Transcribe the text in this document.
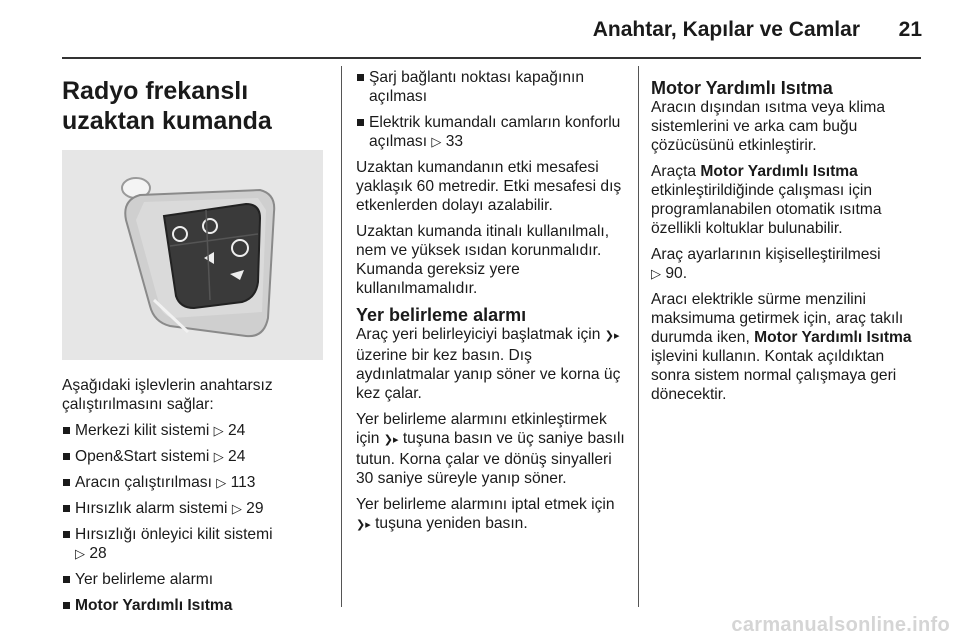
Anahtar, Kapılar ve Camlar	21
Radyo frekanslı uzaktan kumanda

Aşağıdaki işlevlerin anahtarsız çalıştırılmasını sağlar:

Merkezi kilit sistemi ▷ 24
Open&Start sistemi ▷ 24
Aracın çalıştırılması ▷ 113
Hırsızlık alarm sistemi ▷ 29
Hırsızlığı önleyici kilit sistemi
▷ 28
Yer belirleme alarmı
Motor Yardımlı Isıtma
Şarj bağlantı noktası kapağının açılması
Elektrik kumandalı camların konforlu açılması ▷ 33

Uzaktan kumandanın etki mesafesi yaklaşık 60 metredir. Etki mesafesi dış etkenlerden dolayı azalabilir.

Uzaktan kumanda itinalı kullanılmalı, nem ve yüksek ısıdan korunmalıdır. Kumanda gereksiz yere kullanılmamalıdır.

Yer belirleme alarmı

Araç yeri belirleyiciyi başlatmak için ❯▸ üzerine bir kez basın. Dış aydınlatmalar yanıp söner ve korna üç kez çalar.

Yer belirleme alarmını etkinleştirmek için ❯▸ tuşuna basın ve üç saniye basılı tutun. Korna çalar ve dönüş sinyalleri 30 saniye süreyle yanıp söner.

Yer belirleme alarmını iptal etmek için ❯▸ tuşuna yeniden basın.

Motor Yardımlı Isıtma

Aracın dışından ısıtma veya klima sistemlerini ve arka cam buğu çözücüsünü etkinleştirir.

Araçta Motor Yardımlı Isıtma etkinleştirildiğinde çalışması için programlanabilen otomatik ısıtma özellikli koltuklar bulunabilir.

Araç ayarlarının kişiselleştirilmesi
▷ 90.

Aracı elektrikle sürme menzilini maksimuma getirmek için, araç takılı durumda iken, Motor Yardımlı Isıtma işlevini kullanın. Kontak açıldıktan sonra sistem normal çalışmaya geri dönecektir.

carmanualsonline.info
